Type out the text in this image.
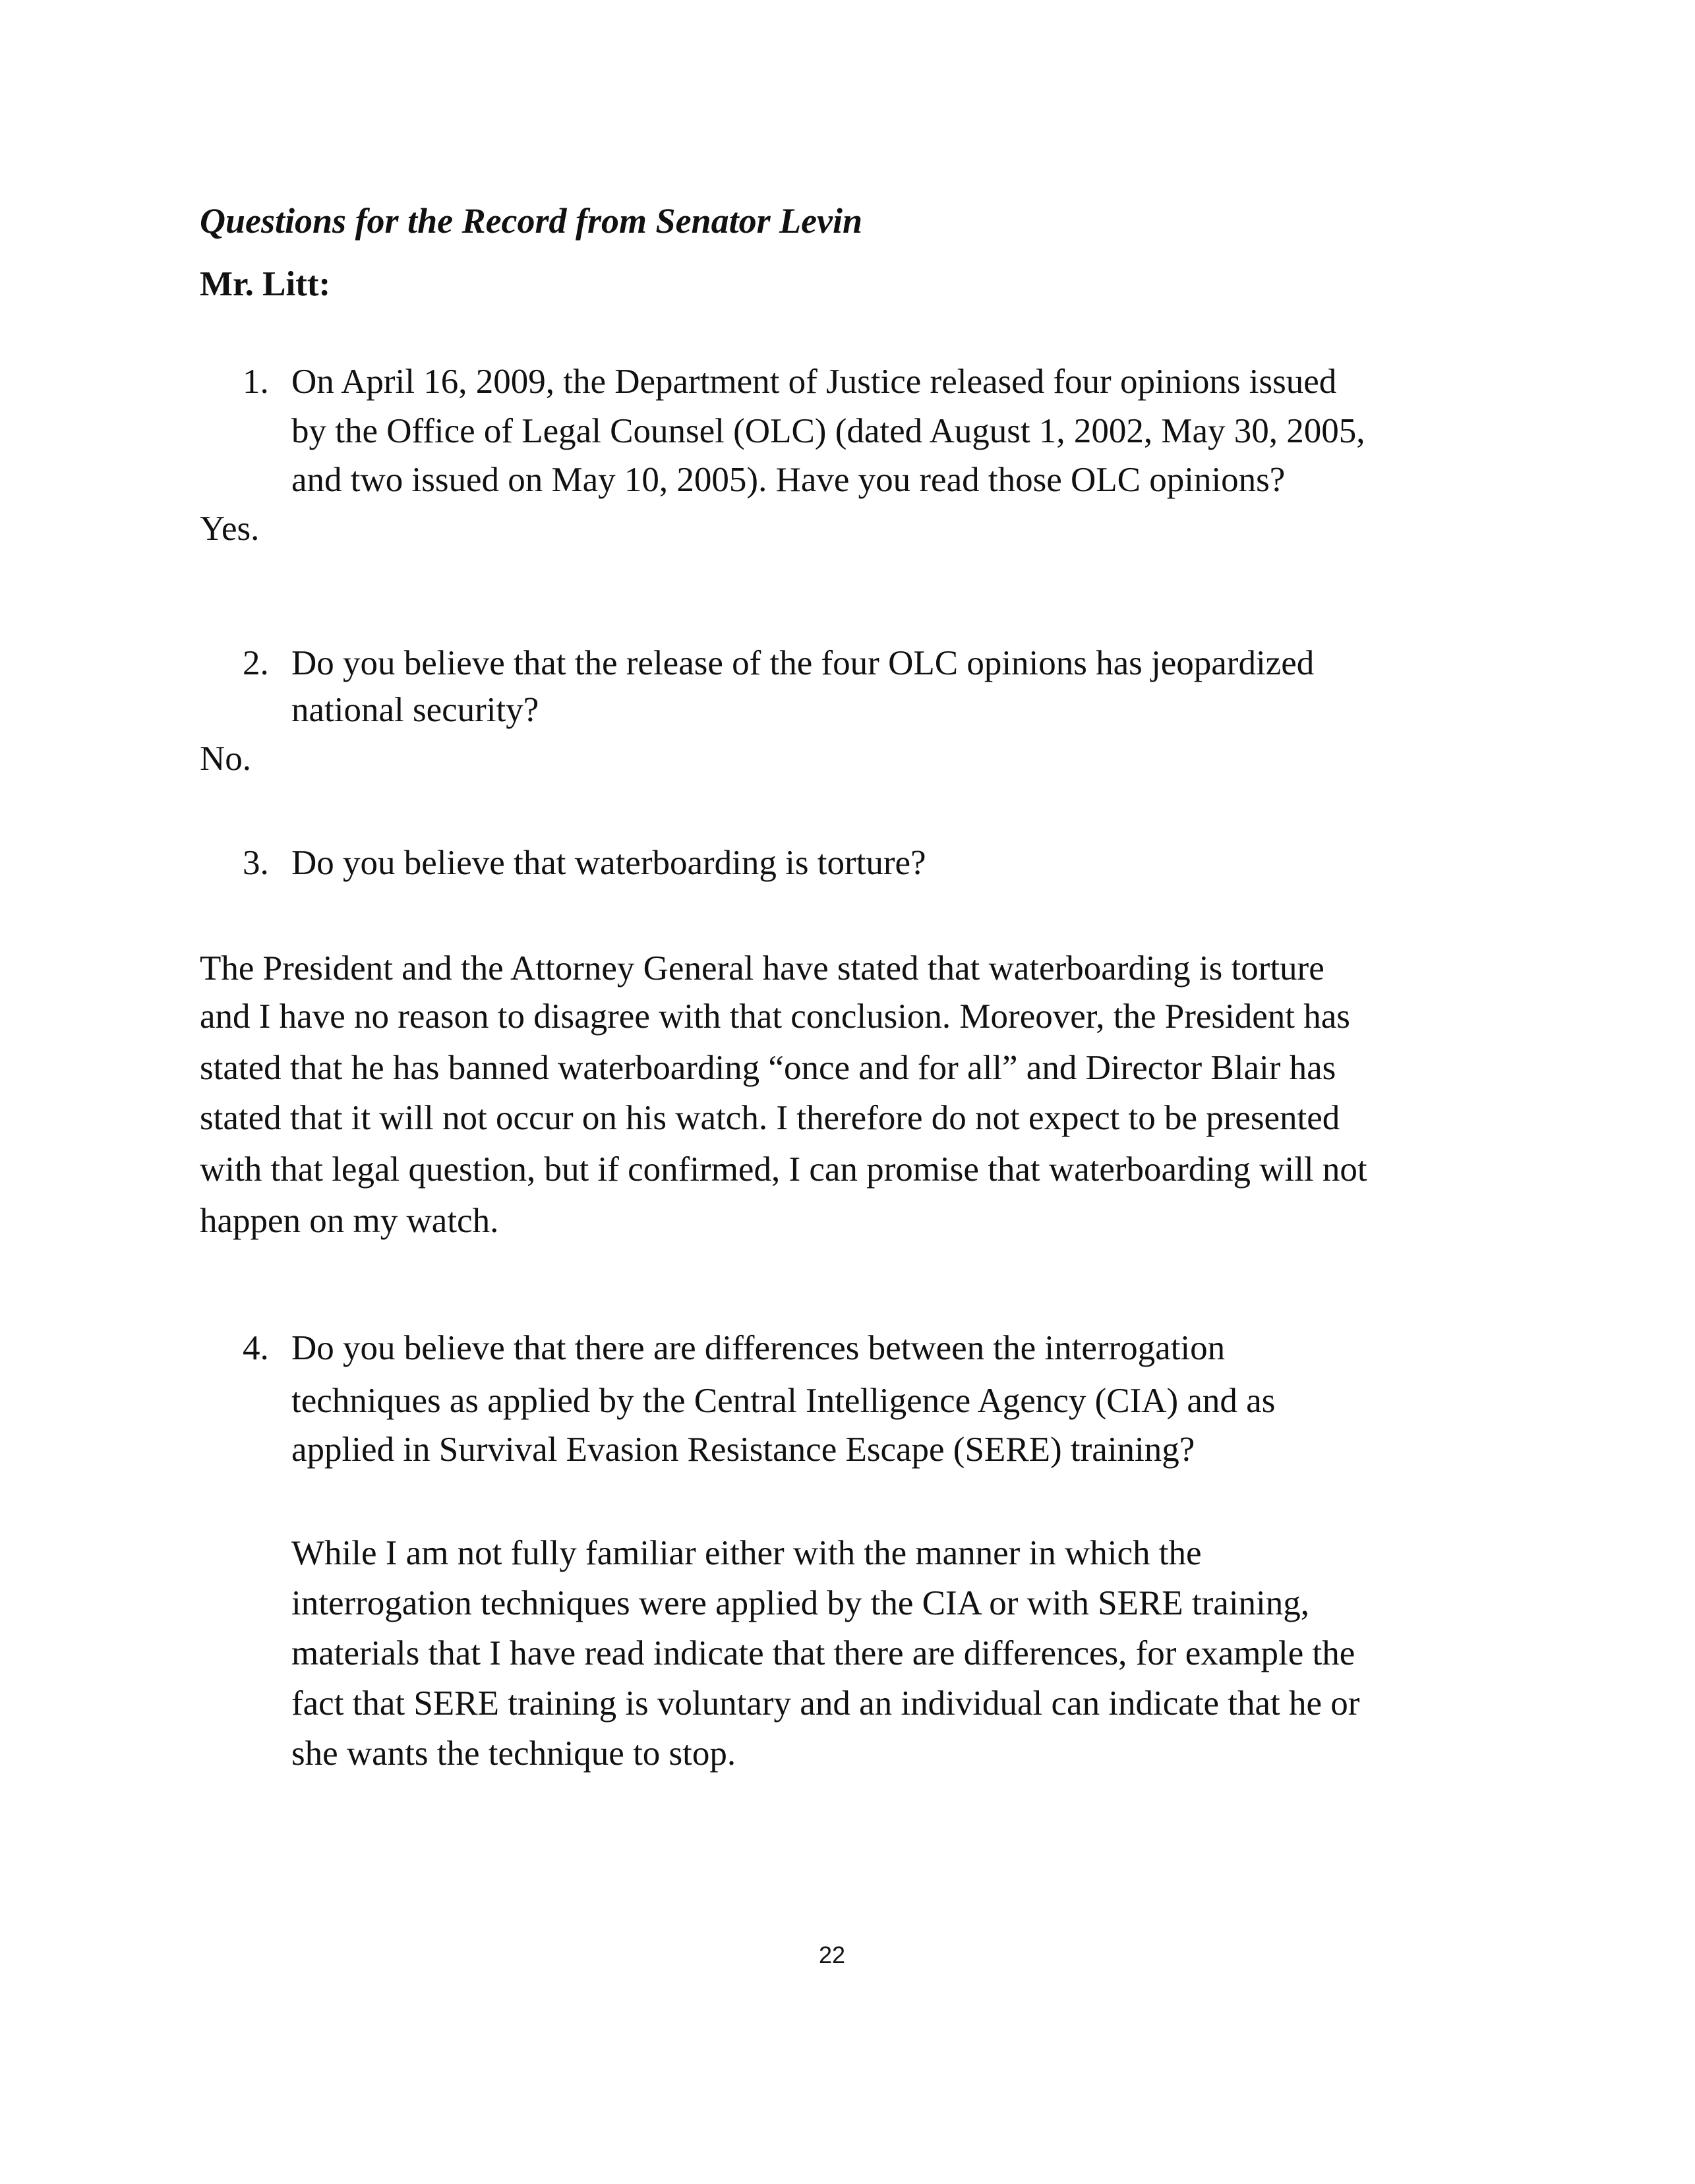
Questions for the Record from Senator Levin
Mr. Litt:
1. On April 16, 2009, the Department of Justice released four opinions issued
by the Office of Legal Counsel (OLC) (dated August 1, 2002, May 30, 2005,
and two issued on May 10, 2005). Have you read those OLC opinions?
Yes.
2. Do you believe that the release of the four OLC opinions has jeopardized
national security?
No.
3. Do you believe that waterboarding is torture?
The President and the Attorney General have stated that waterboarding is torture
and I have no reason to disagree with that conclusion. Moreover, the President has
stated that he has banned waterboarding “once and for all” and Director Blair has
stated that it will not occur on his watch. I therefore do not expect to be presented
with that legal question, but if confirmed, I can promise that waterboarding will not
happen on my watch.
4. Do you believe that there are differences between the interrogation
techniques as applied by the Central Intelligence Agency (CIA) and as
applied in Survival Evasion Resistance Escape (SERE) training?
While I am not fully familiar either with the manner in which the
interrogation techniques were applied by the CIA or with SERE training,
materials that I have read indicate that there are differences, for example the
fact that SERE training is voluntary and an individual can indicate that he or
she wants the technique to stop.
22
